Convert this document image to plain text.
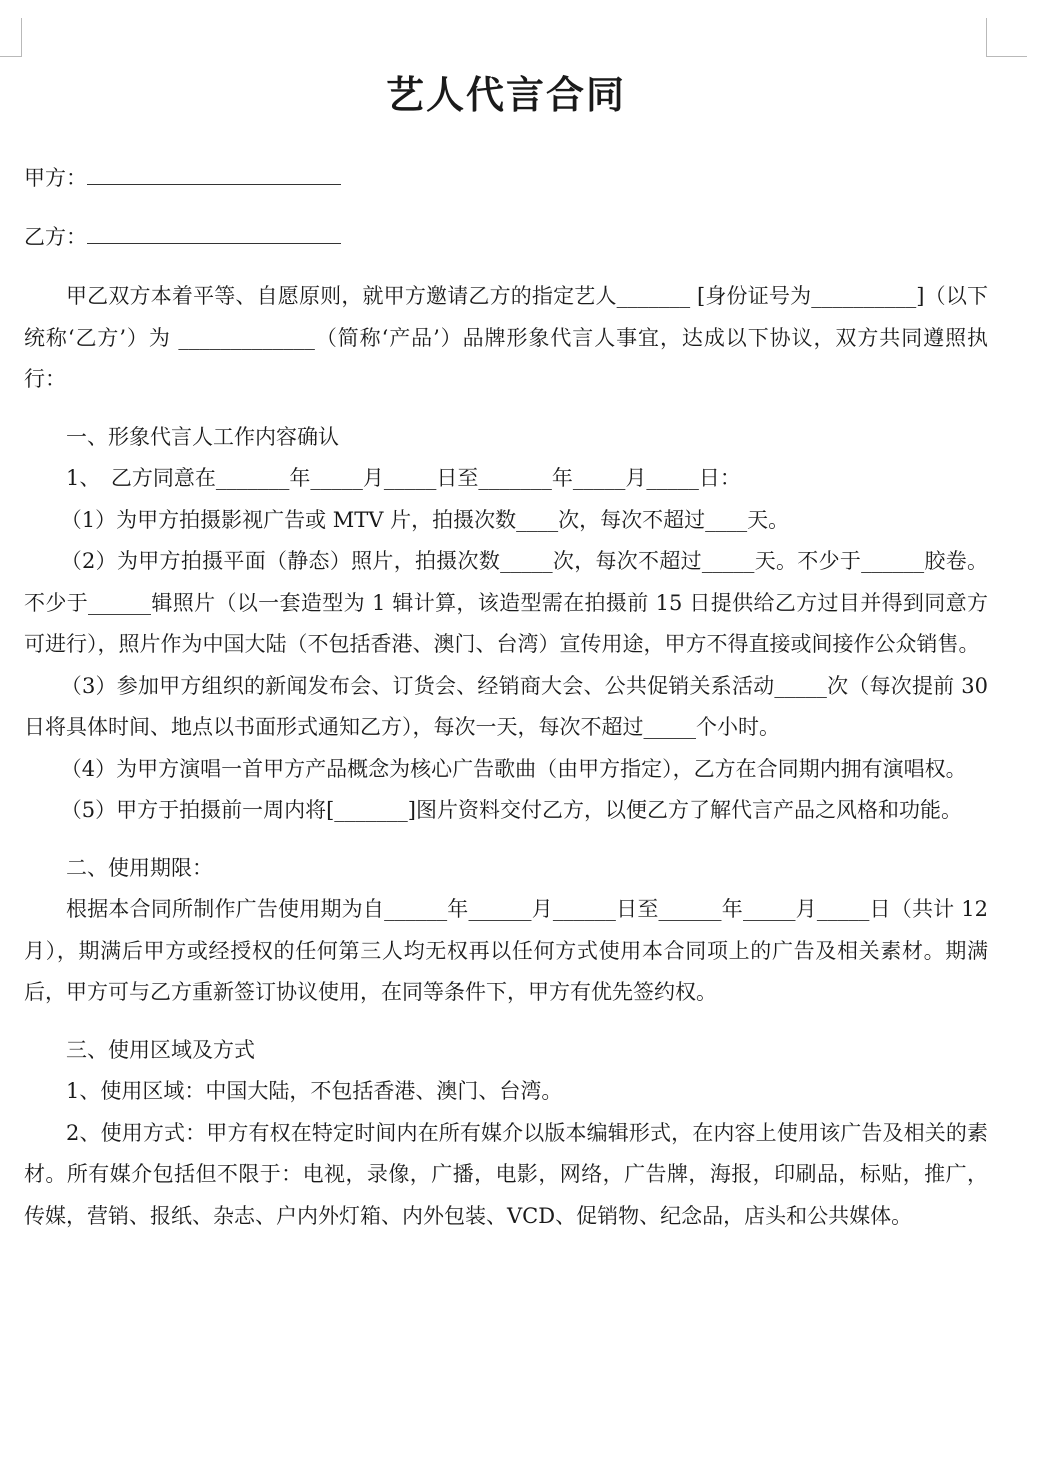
艺人代言合同
甲方：
乙方：

甲乙双方本着平等、自愿原则，就甲方邀请乙方的指定艺人_______ [身份证号为__________]（以下统称‘乙方’）为 _____________（简称‘产品’）品牌形象代言人事宜，达成以下协议，双方共同遵照执行：

一、形象代言人工作内容确认

1、　乙方同意在_______年_____月_____日至_______年_____月_____日：

（1）为甲方拍摄影视广告或 MTV 片，拍摄次数____次，每次不超过____天。

（2）为甲方拍摄平面（静态）照片，拍摄次数_____次，每次不超过_____天。不少于______胶卷。不少于______辑照片（以一套造型为 1 辑计算，该造型需在拍摄前 15 日提供给乙方过目并得到同意方可进行），照片作为中国大陆（不包括香港、澳门、台湾）宣传用途，甲方不得直接或间接作公众销售。

（3）参加甲方组织的新闻发布会、订货会、经销商大会、公共促销关系活动_____次（每次提前 30 日将具体时间、地点以书面形式通知乙方），每次一天，每次不超过_____个小时。

（4）为甲方演唱一首甲方产品概念为核心广告歌曲（由甲方指定），乙方在合同期内拥有演唱权。

（5）甲方于拍摄前一周内将[_______]图片资料交付乙方，以便乙方了解代言产品之风格和功能。

二、使用期限：

根据本合同所制作广告使用期为自______年______月______日至______年_____月_____日（共计 12 月），期满后甲方或经授权的任何第三人均无权再以任何方式使用本合同项上的广告及相关素材。期满后，甲方可与乙方重新签订协议使用，在同等条件下，甲方有优先签约权。

三、使用区域及方式

1、使用区域：中国大陆，不包括香港、澳门、台湾。

2、使用方式：甲方有权在特定时间内在所有媒介以版本编辑形式，在内容上使用该广告及相关的素材。所有媒介包括但不限于：电视，录像，广播，电影，网络，广告牌，海报，印刷品，标贴，推广，传媒，营销、报纸、杂志、户内外灯箱、内外包装、VCD、促销物、纪念品，店头和公共媒体。
